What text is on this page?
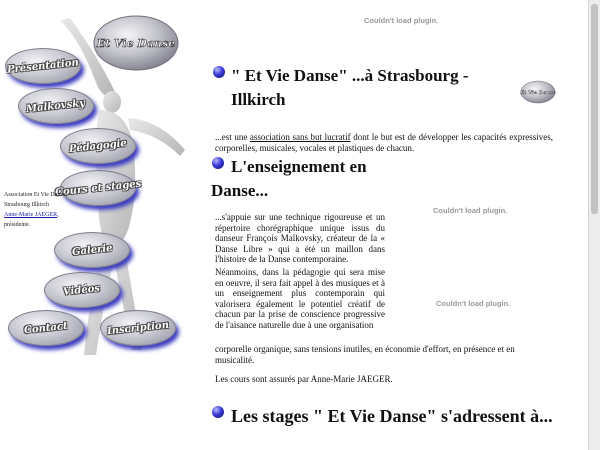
Et Vie Danse
Présentation
Malkovsky
Pédagogie
Cours et stages
Galerie
Vidéos
Contact	Inscription
Association Et Vie Danse,
Strasbourg Illkirch
Anne-Marie JAEGER, présidente.
Couldn't load plugin.
Couldn't load plugin.
Couldn't load plugin.
" Et Vie Danse" ...à Strasbourg - Illkirch	Et Vie Danse
...est une association sans but lucratif dont le but est de développer les capacités expressives, corporelles, musicales, vocales et plastiques de chacun.
L'enseignement en Danse...
...s'appuie sur une technique rigoureuse et un répertoire chorégraphique unique issus du danseur François Malkovsky, créateur de la « Danse Libre » qui a été un maillon dans l'histoire de la Danse contemporaine.
Néanmoins, dans la pédagogie qui sera mise en oeuvre, il sera fait appel à des musiques et à un enseignement plus contemporain qui valorisera également le potentiel créatif de chacun par la prise de conscience progressive de l'aisance naturelle due à une organisation
corporelle organique, sans tensions inutiles, en économie d'effort, en présence et en musicalité.
Les cours sont assurés par Anne-Marie JAEGER.
Les stages " Et Vie Danse" s'adressent à...
